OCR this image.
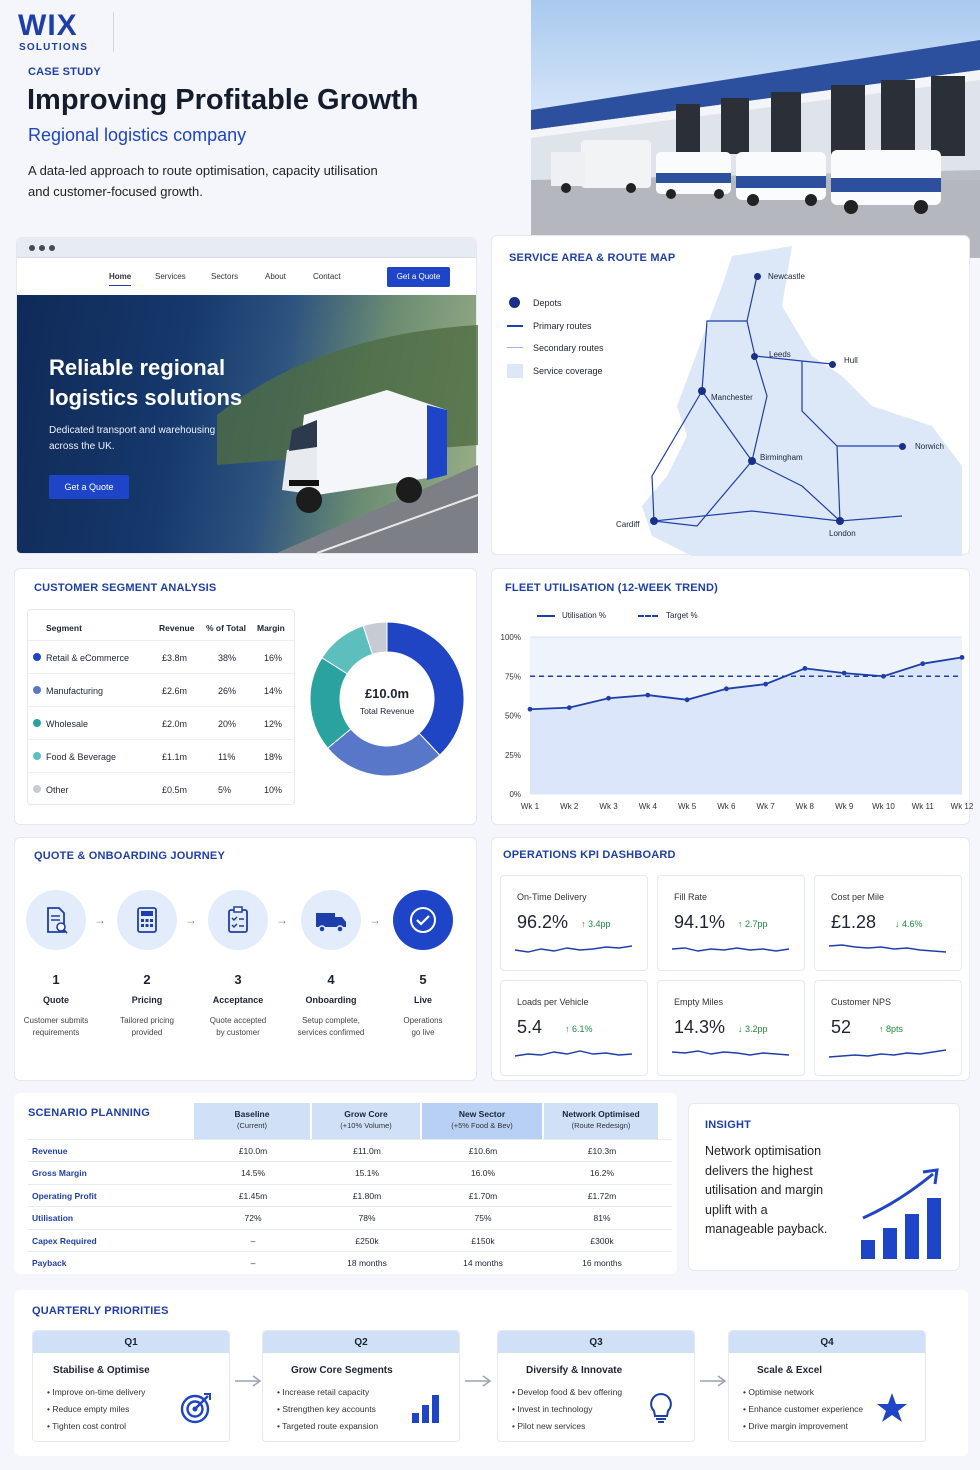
WIX
SOLUTIONS
CASE STUDY
Improving Profitable Growth
Regional logistics company
A data-led approach to route optimisation, capacity utilisation
and customer-focused growth.
Home	Services	Sectors	About	Contact	Get a Quote
Reliable regional
logistics solutions
Dedicated transport and warehousing
across the UK.
Get a Quote
SERVICE AREA & ROUTE MAP
Depots
Primary routes
Secondary routes
Service coverage
Newcastle
Leeds
Hull
Manchester
Norwich
Birmingham
Cardiff
London
CUSTOMER SEGMENT ANALYSIS
Segment	Revenue % of Total Margin
Retail & eCommerce	£3.8m	38%	16%
Manufacturing	£2.6m	26%	14%
Wholesale	£2.0m	20%	12%
Food & Beverage	£1.1m	11%	18%
Other	£0.5m	5%	10%
£10.0m
Total Revenue
FLEET UTILISATION (12-WEEK TREND)
Utilisation %	Target %
100%
75%
50%
25%
0%
Wk 1	Wk 2	Wk 3	Wk 4	Wk 5	Wk 6	Wk 7	Wk 8	Wk 9 Wk 10 Wk 11 Wk 12
QUOTE & ONBOARDING JOURNEY
1
Quote
Customer submits
requirements
→
2
Pricing
Tailored pricing
provided
→
3
Acceptance
Quote accepted
by customer
→
4
Onboarding
Setup complete,
services confirmed
→
5
Live
Operations
go live
OPERATIONS KPI DASHBOARD
On-Time Delivery
96.2% ↑ 3.4pp
Fill Rate
94.1% ↑ 2.7pp
Cost per Mile
£1.28 ↓ 4.6%
Loads per Vehicle
5.4	↑ 6.1%
Empty Miles
14.3% ↓ 3.2pp
Customer NPS
52	↑ 8pts
SCENARIO PLANNING	Baseline
(Current)
Grow Core
(+10% Volume)
New Sector
(+5% Food & Bev)
Network Optimised
(Route Redesign)
Revenue	£10.0m	£11.0m	£10.6m	£10.3m
Gross Margin	14.5%	15.1%	16.0%	16.2%
Operating Profit	£1.45m	£1.80m	£1.70m	£1.72m
Utilisation	72%	78%	75%	81%
Capex Required	–	£250k	£150k	£300k
Payback	–	18 months	14 months	16 months
INSIGHT
Network optimisation
delivers the highest
utilisation and margin
uplift with a
manageable payback.
QUARTERLY PRIORITIES
Q1
Stabilise & Optimise
• Improve on-time delivery
• Reduce empty miles
• Tighten cost control
Q2
Grow Core Segments
• Increase retail capacity
• Strengthen key accounts
• Targeted route expansion
Q3
Diversify & Innovate
• Develop food & bev offering
• Invest in technology
• Pilot new services
Q4
Scale & Excel
• Optimise network
• Enhance customer experience
• Drive margin improvement
